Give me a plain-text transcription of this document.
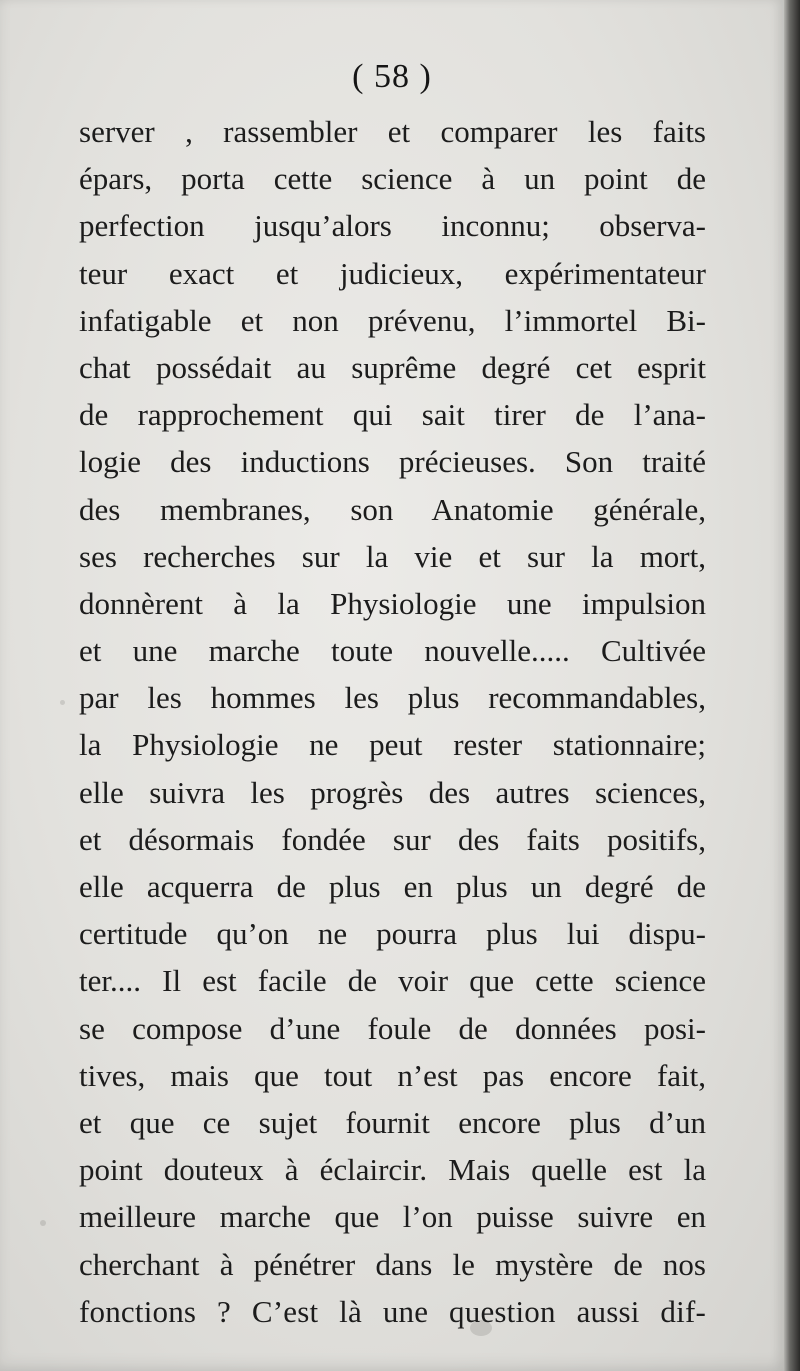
( 58 )
server , rassembler et comparer les faits
épars, porta cette science à un point de
perfection jusqu’alors inconnu; observa-
teur exact et judicieux, expérimentateur
infatigable et non prévenu, l’immortel Bi-
chat possédait au suprême degré cet esprit
de rapprochement qui sait tirer de l’ana-
logie des inductions précieuses. Son traité
des membranes, son Anatomie générale,
ses recherches sur la vie et sur la mort,
donnèrent à la Physiologie une impulsion
et une marche toute nouvelle..... Cultivée
par les hommes les plus recommandables,
la Physiologie ne peut rester stationnaire;
elle suivra les progrès des autres sciences,
et désormais fondée sur des faits positifs,
elle acquerra de plus en plus un degré de
certitude qu’on ne pourra plus lui dispu-
ter.... Il est facile de voir que cette science
se compose d’une foule de données posi-
tives, mais que tout n’est pas encore fait,
et que ce sujet fournit encore plus d’un
point douteux à éclaircir. Mais quelle est la
meilleure marche que l’on puisse suivre en
cherchant à pénétrer dans le mystère de nos
fonctions ? C’est là une question aussi dif-
